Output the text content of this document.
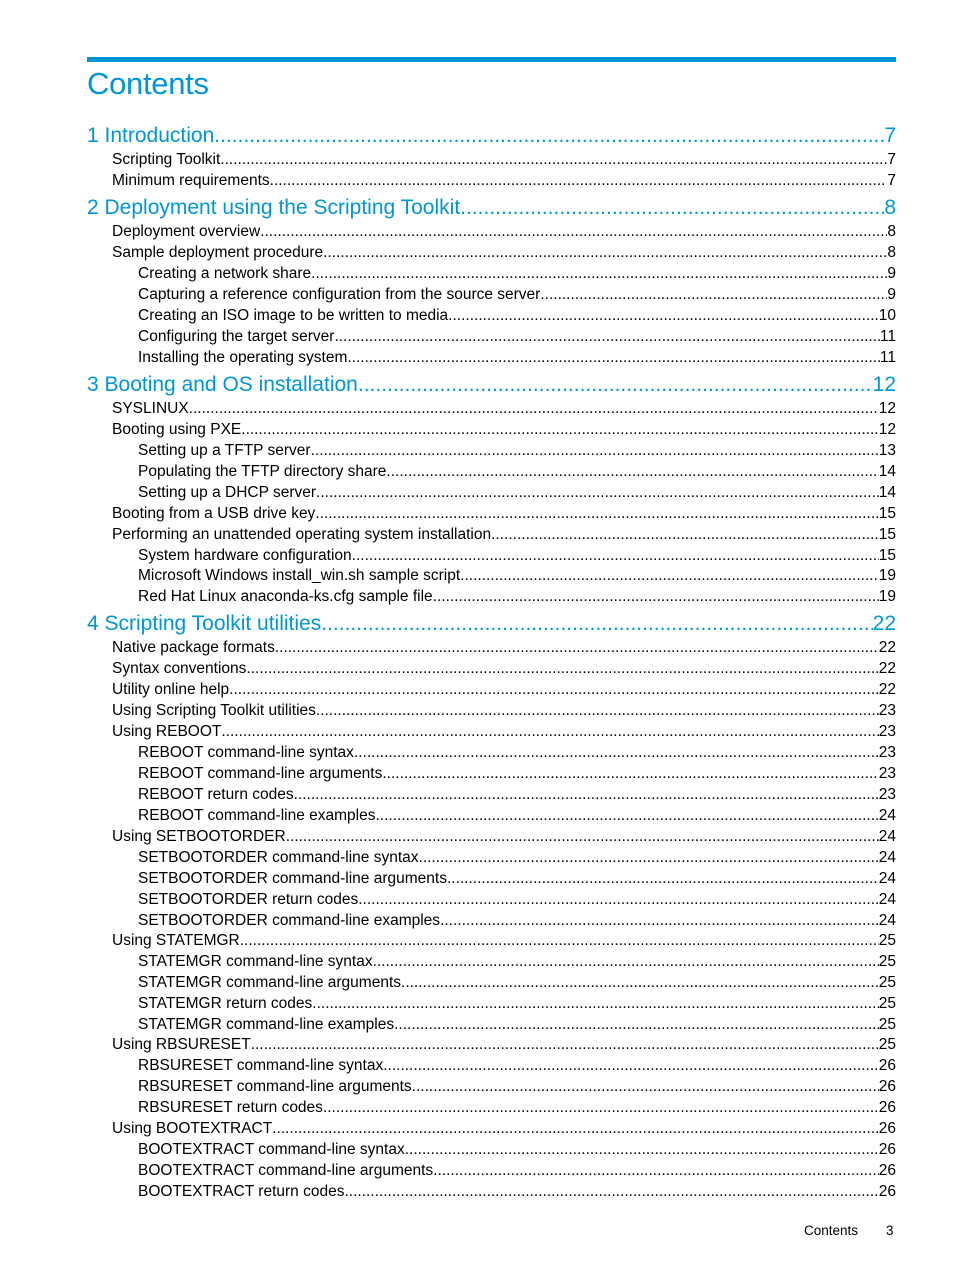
Contents
1 Introduction .....	7
Scripting Toolkit .....	7
Minimum requirements .....	7
2 Deployment using the Scripting Toolkit .....	8
Deployment overview .....	8
Sample deployment procedure .....	8
Creating a network share .....	9
Capturing a reference configuration from the source server .....	9
Creating an ISO image to be written to media .....	10
Configuring the target server .....	11
Installing the operating system .....	11
3 Booting and OS installation .....	12
SYSLINUX .....	12
Booting using PXE .....	12
Setting up a TFTP server .....	13
Populating the TFTP directory share .....	14
Setting up a DHCP server .....	14
Booting from a USB drive key .....	15
Performing an unattended operating system installation .....	15
System hardware configuration .....	15
Microsoft Windows install_win.sh sample script .....	19
Red Hat Linux anaconda-ks.cfg sample file .....	19
4 Scripting Toolkit utilities .....	22
Native package formats .....	22
Syntax conventions .....	22
Utility online help .....	22
Using Scripting Toolkit utilities .....	23
Using REBOOT .....	23
REBOOT command-line syntax .....	23
REBOOT command-line arguments .....	23
REBOOT return codes .....	23
REBOOT command-line examples .....	24
Using SETBOOTORDER .....	24
SETBOOTORDER command-line syntax .....	24
SETBOOTORDER command-line arguments .....	24
SETBOOTORDER return codes .....	24
SETBOOTORDER command-line examples .....	24
Using STATEMGR .....	25
STATEMGR command-line syntax .....	25
STATEMGR command-line arguments .....	25
STATEMGR return codes .....	25
STATEMGR command-line examples .....	25
Using RBSURESET .....	25
RBSURESET command-line syntax .....	26
RBSURESET command-line arguments .....	26
RBSURESET return codes .....	26
Using BOOTEXTRACT .....	26
BOOTEXTRACT command-line syntax .....	26
BOOTEXTRACT command-line arguments .....	26
BOOTEXTRACT return codes .....	26
Contents 3
